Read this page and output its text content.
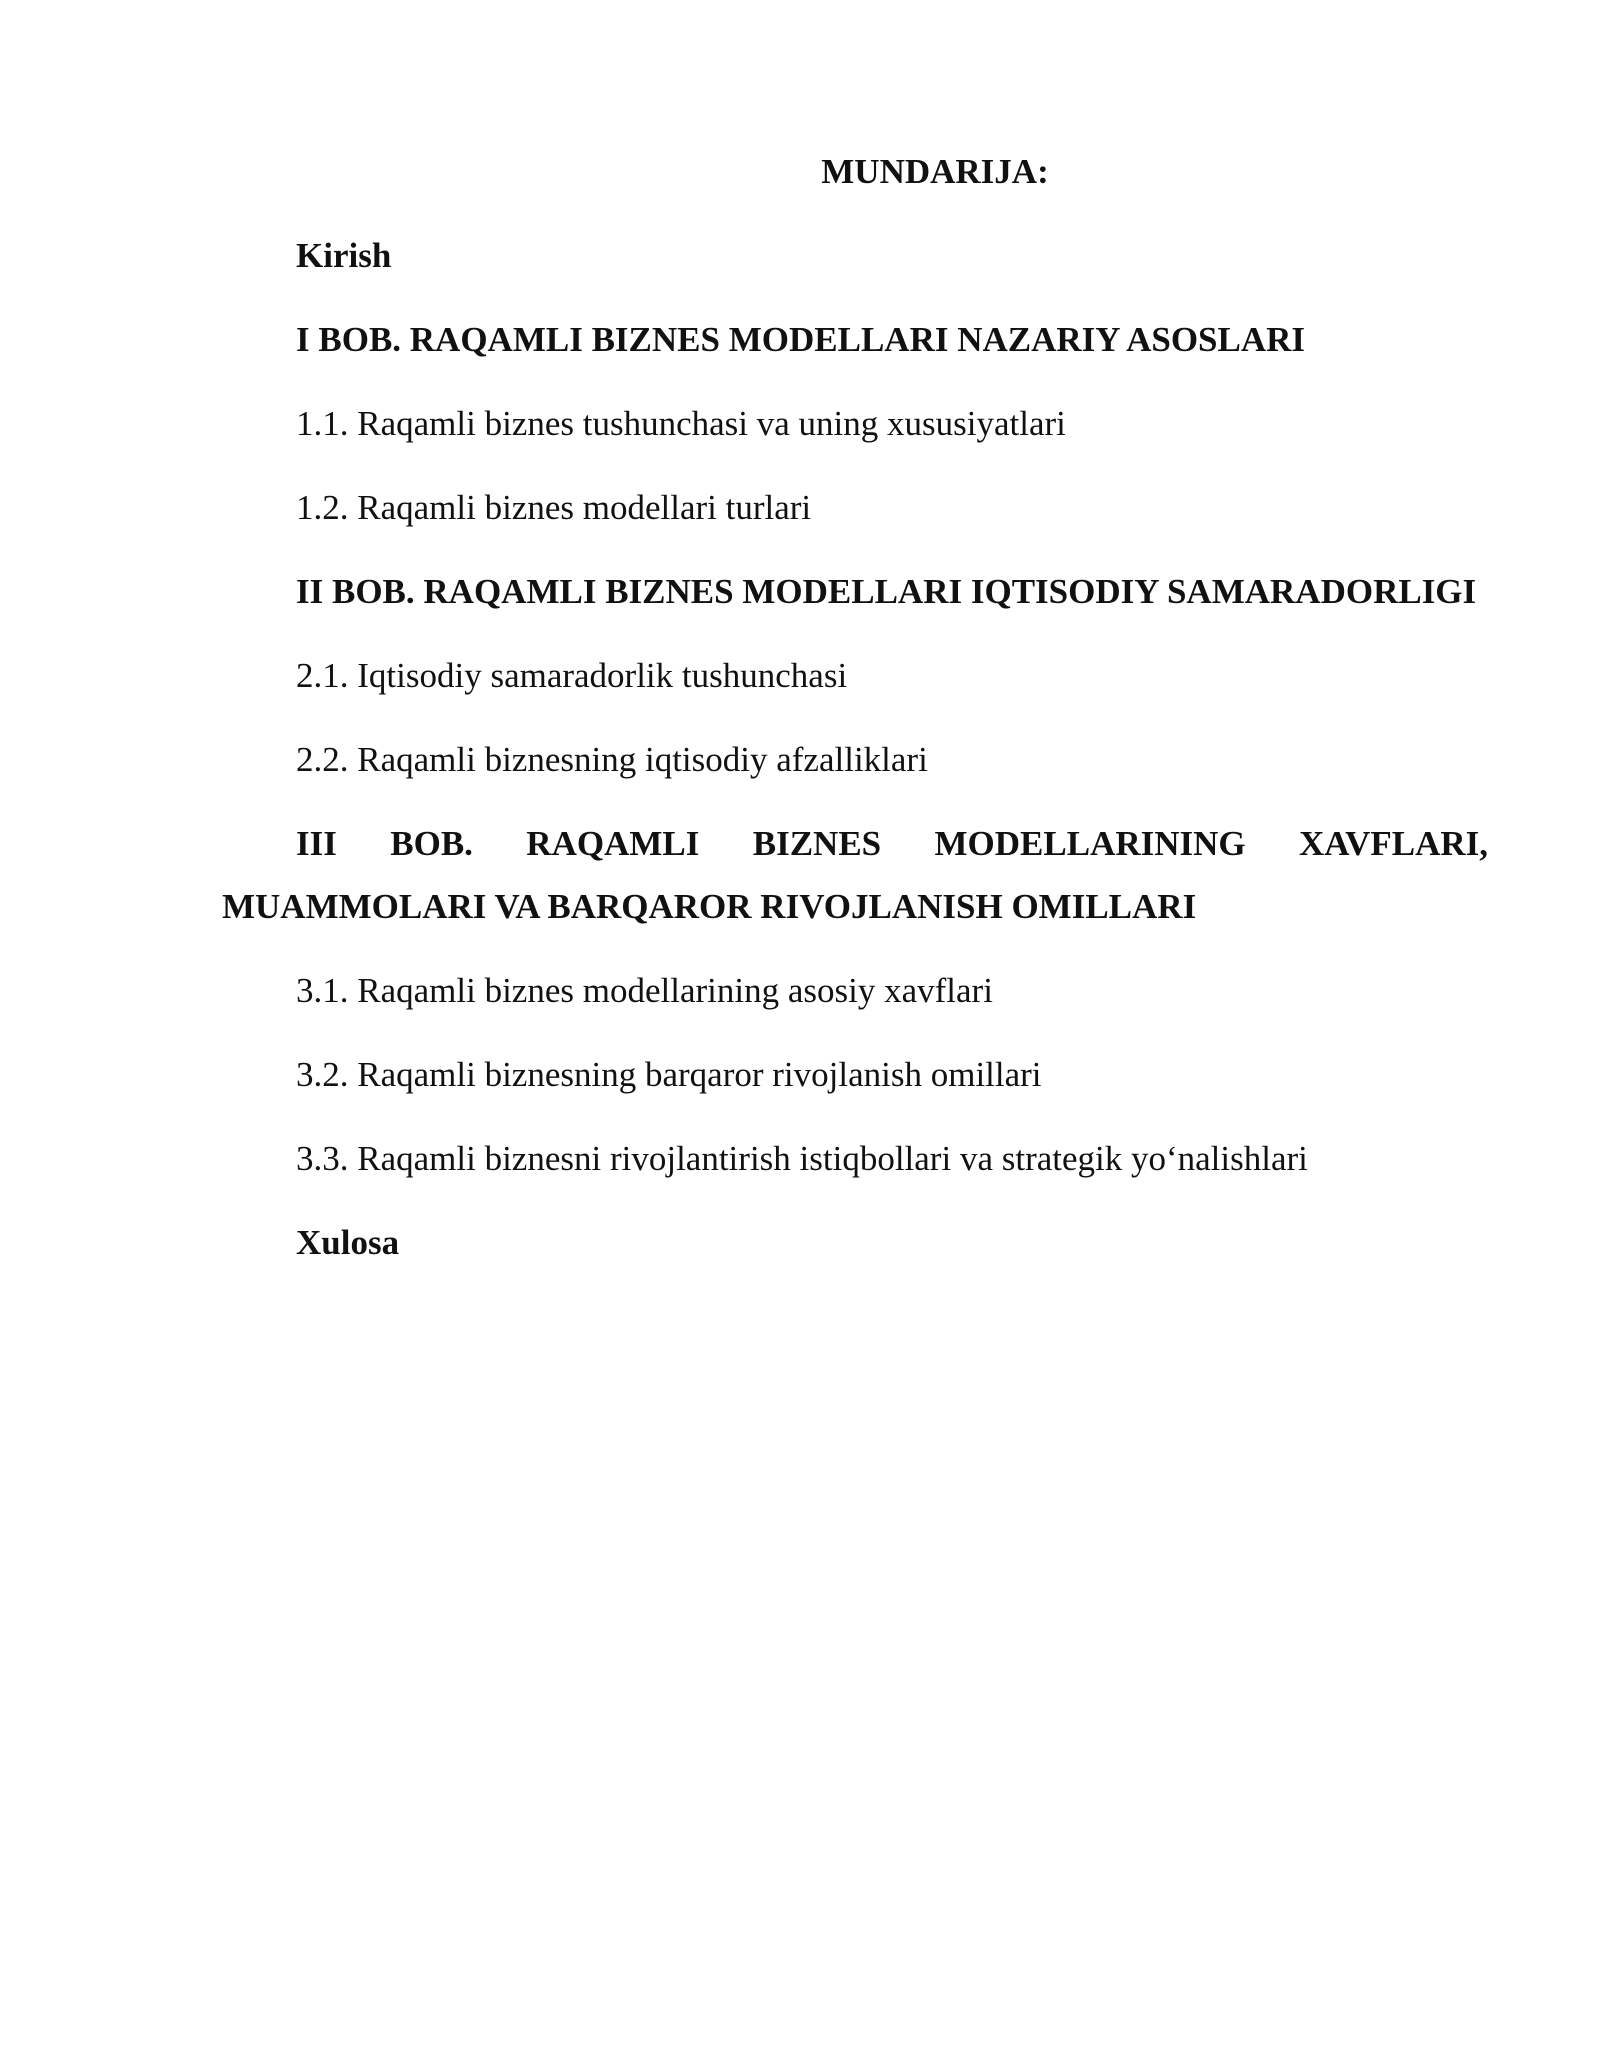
MUNDARIJA:
Kirish
I BOB. RAQAMLI BIZNES MODELLARI NAZARIY ASOSLARI
1.1. Raqamli biznes tushunchasi va uning xususiyatlari
1.2. Raqamli biznes modellari turlari
II BOB. RAQAMLI BIZNES MODELLARI IQTISODIY SAMARADORLIGI
2.1. Iqtisodiy samaradorlik tushunchasi
2.2. Raqamli biznesning iqtisodiy afzalliklari
III BOB. RAQAMLI BIZNES MODELLARINING XAVFLARI, MUAMMOLARI VA BARQAROR RIVOJLANISH OMILLARI
3.1. Raqamli biznes modellarining asosiy xavflari
3.2. Raqamli biznesning barqaror rivojlanish omillari
3.3. Raqamli biznesni rivojlantirish istiqbollari va strategik yo‘nalishlari
Xulosa
